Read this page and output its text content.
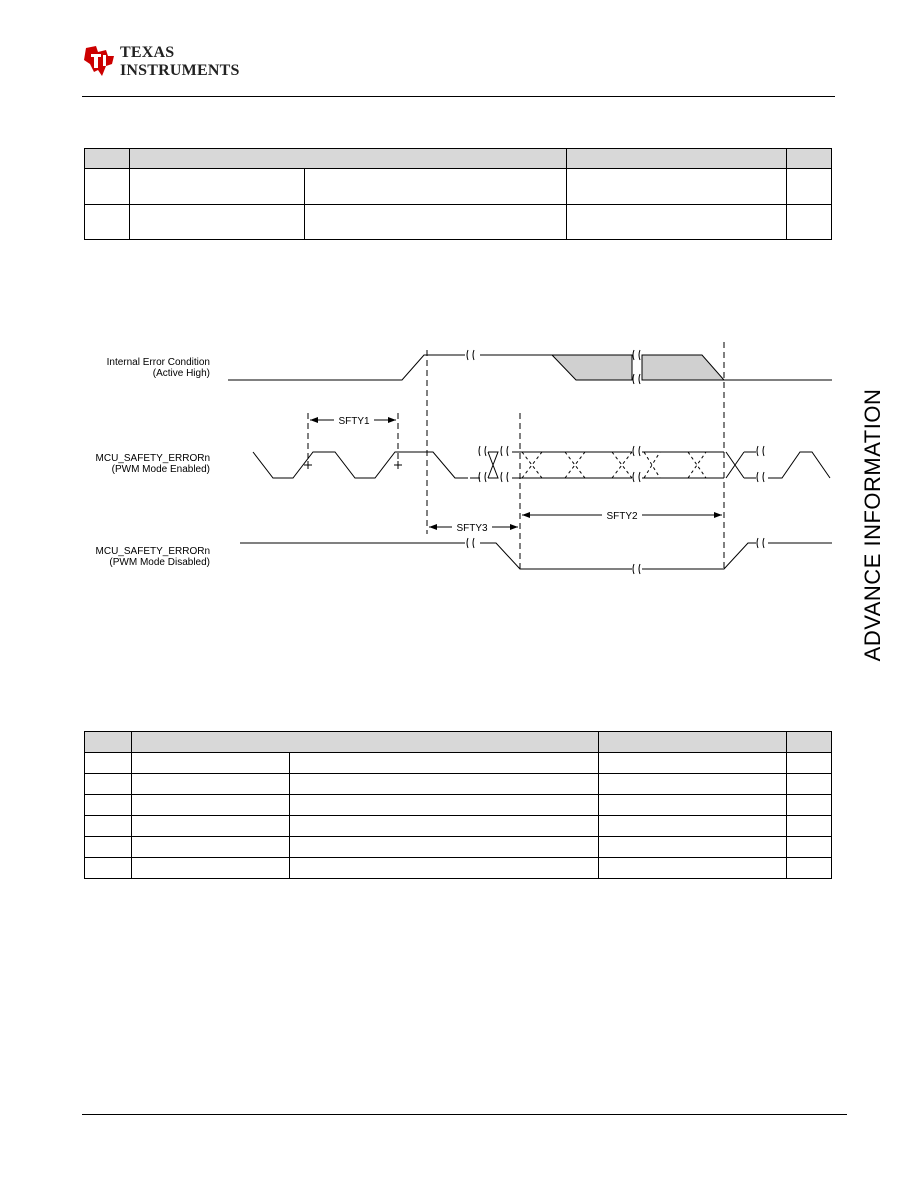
TEXAS
INSTRUMENTS

ADVANCE INFORMATION
Internal Error Condition
(Active High)
MCU_SAFETY_ERRORn
(PWM Mode Enabled)
MCU_SAFETY_ERRORn
(PWM Mode Disabled)
SFTY1
SFTY3
SFTY2
